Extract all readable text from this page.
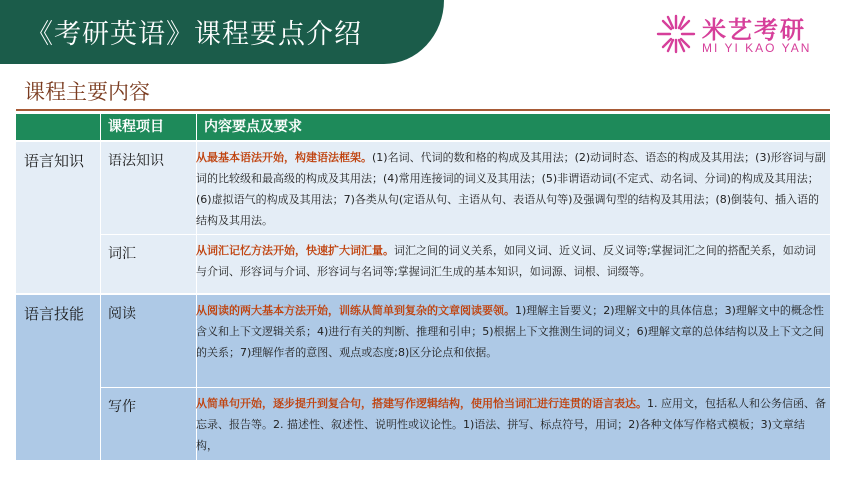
《考研英语》课程要点介绍	米艺考研
MI YI KAO YAN
课程主要内容
课程项目	内容要点及要求
语言知识 语法知识	从最基本语法开始，构建语法框架。(1)名词、代词的数和格的构成及其用法；(2)动词时态、语态的构成及其用法；(3)形容词与副词的比较级和最高级的构成及其用法；(4)常用连接词的词义及其用法；(5)非谓语动词(不定式、动名词、分词)的构成及其用法；(6)虚拟语气的构成及其用法；7)各类从句(定语从句、主语从句、表语从句等)及强调句型的结构及其用法；(8)倒装句、插入语的结构及其用法。
词汇	从词汇记忆方法开始，快速扩大词汇量。词汇之间的词义关系，如同义词、近义词、反义词等;掌握词汇之间的搭配关系，如动词与介词、形容词与介词、形容词与名词等;掌握词汇生成的基本知识，如词源、词根、词缀等。
语言技能 阅读	从阅读的两大基本方法开始，训练从简单到复杂的文章阅读要领。1)理解主旨要义；2)理解文中的具体信息；3)理解文中的概念性含义和上下文逻辑关系；4)进行有关的判断、推理和引申；5)根据上下文推测生词的词义；6)理解文章的总体结构以及上下文之间的关系；7)理解作者的意图、观点或态度;8)区分论点和依据。
写作	从简单句开始，逐步提升到复合句，搭建写作逻辑结构，使用恰当词汇进行连贯的语言表达。1. 应用文，包括私人和公务信函、备忘录、报告等。2. 描述性、叙述性、说明性或议论性。1)语法、拼写、标点符号，用词；2)各种文体写作格式模板；3)文章结构，
